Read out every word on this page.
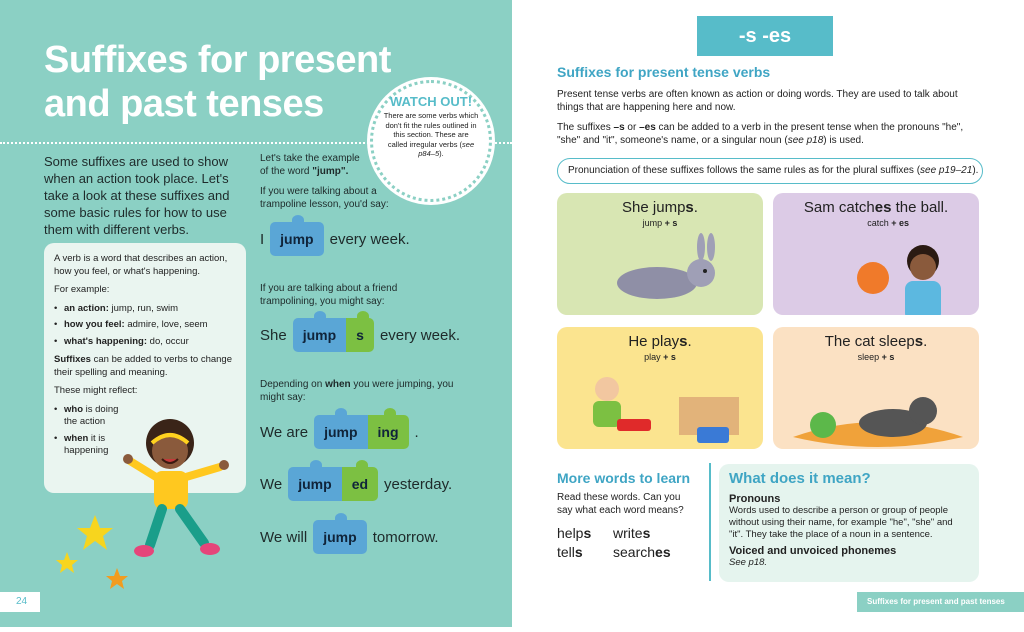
Suffixes for present and past tenses
Some suffixes are used to show when an action took place. Let's take a look at these suffixes and some basic rules for how to use them with different verbs.
WATCH OUT!
There are some verbs which don't fit the rules outlined in this section. These are called irregular verbs (see p84–5).

A verb is a word that describes an action, how you feel, or what's happening.

For example:

• an action: jump, run, swim
• how you feel: admire, love, seem
• what's happening: do, occur

Suffixes can be added to verbs to change their spelling and meaning.

These might reflect:

• who is doing the action
• when it is happening
Let's take the example of the word "jump".
If you were talking about a trampoline lesson, you'd say:
If you are talking about a friend trampolining, you might say:
Depending on when you were jumping, you might say:
I	jump	every week.
She	jump	s	every week.
We are	jump	ing	.
We	jump	ed	yesterday.
We will	jump	tomorrow.
24
-s -es
Suffixes for present tense verbs
Present tense verbs are often known as action or doing words. They are used to talk about things that are happening here and now.
The suffixes –s or –es can be added to a verb in the present tense when the pronouns "he", "she" and "it", someone's name, or a singular noun (see p18) is used.
Pronunciation of these suffixes follows the same rules as for the plural suffixes (see p19–21).
She jumps.
jump + s
Sam catches the ball.
catch + es
He plays.
play + s
The cat sleeps.
sleep + s
More words to learn
Read these words. Can you say what each word means?
helps writes
tells searches
What does it mean?
Pronouns
Words used to describe a person or group of people without using their name, for example "he", "she" and "it". They take the place of a noun in a sentence.
Voiced and unvoiced phonemes
See p18.
Suffixes for present and past tenses | 25
